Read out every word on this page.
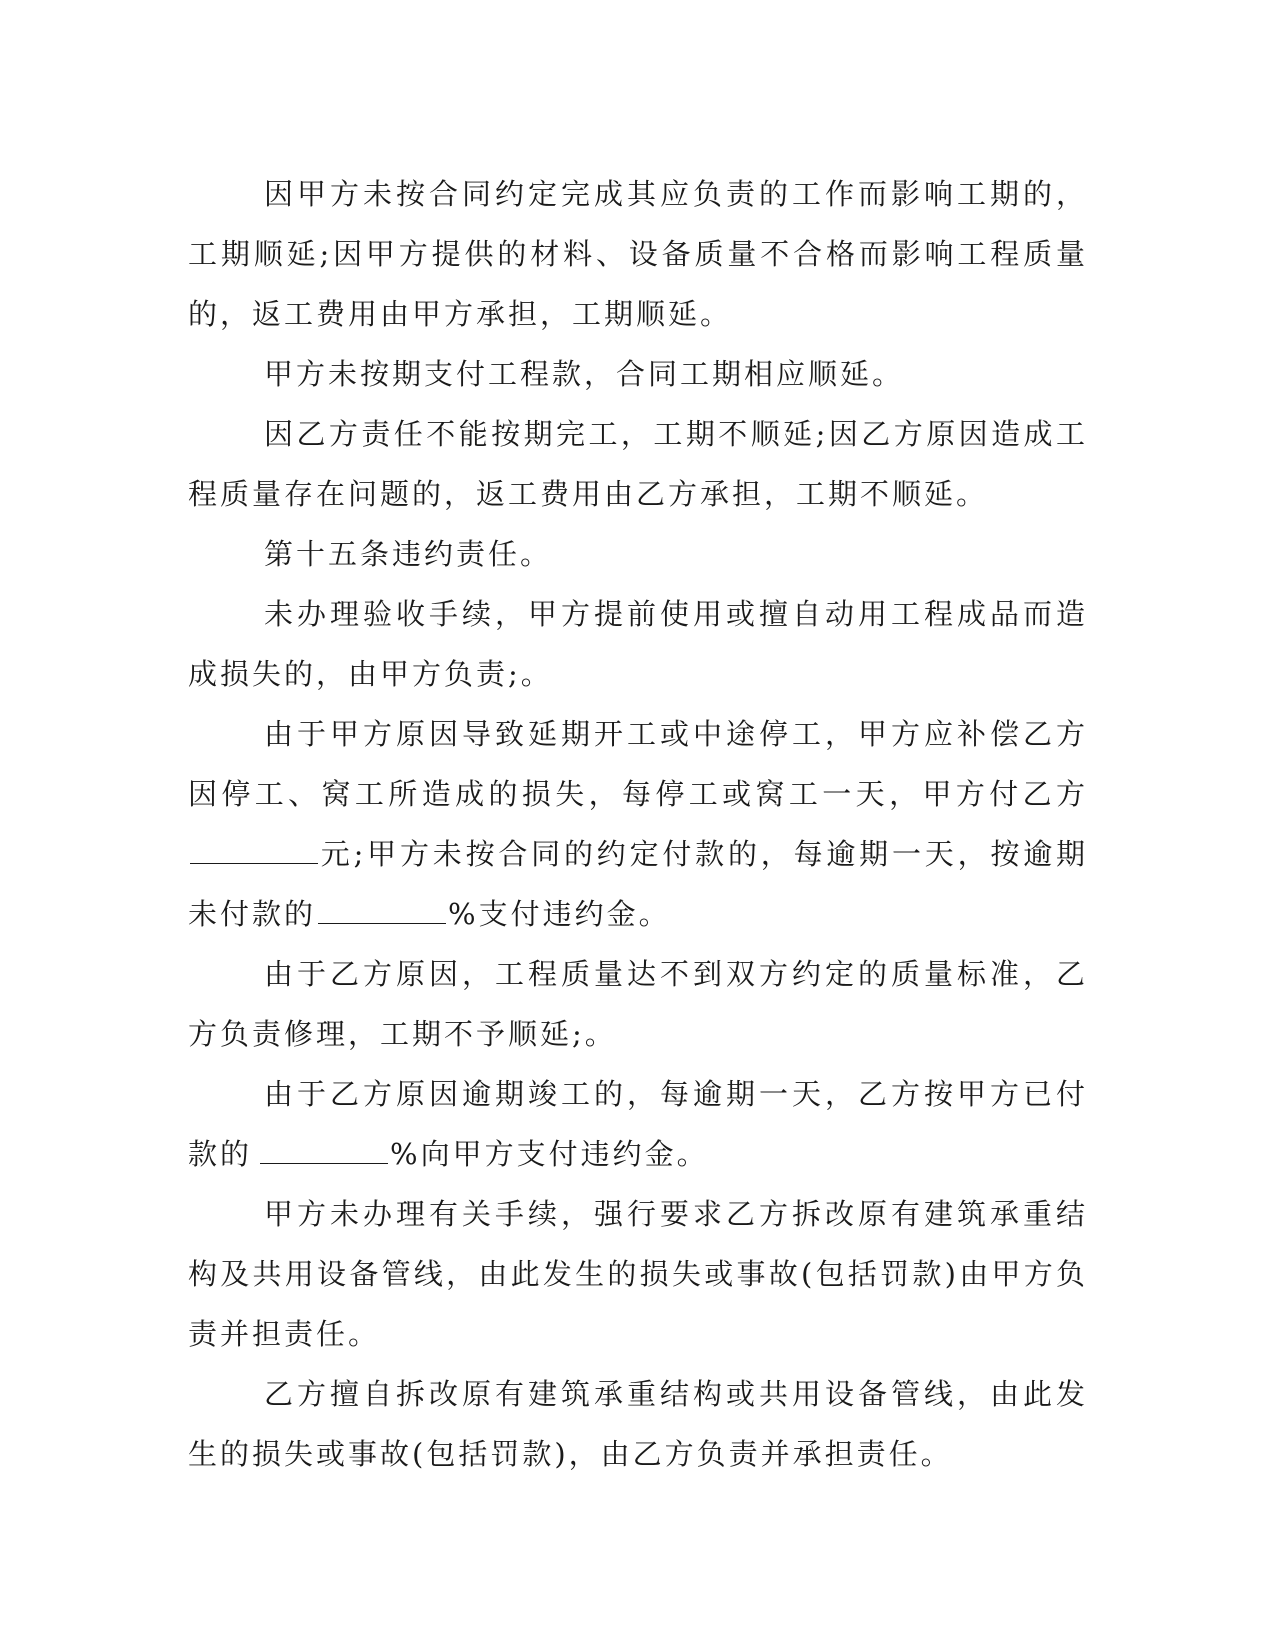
因甲方未按合同约定完成其应负责的工作而影响工期的，工期顺延;因甲方提供的材料、设备质量不合格而影响工程质量的，返工费用由甲方承担，工期顺延。

甲方未按期支付工程款，合同工期相应顺延。

因乙方责任不能按期完工，工期不顺延;因乙方原因造成工程质量存在问题的，返工费用由乙方承担，工期不顺延。

第十五条违约责任。

未办理验收手续，甲方提前使用或擅自动用工程成品而造成损失的，由甲方负责;。

由于甲方原因导致延期开工或中途停工，甲方应补偿乙方因停工、窝工所造成的损失，每停工或窝工一天，甲方付乙方元;甲方未按合同的约定付款的，每逾期一天，按逾期未付款的	%支付违约金。

由于乙方原因，工程质量达不到双方约定的质量标准，乙方负责修理，工期不予顺延;。

由于乙方原因逾期竣工的，每逾期一天，乙方按甲方已付款的	%向甲方支付违约金。

甲方未办理有关手续，强行要求乙方拆改原有建筑承重结构及共用设备管线，由此发生的损失或事故(包括罚款)由甲方负责并担责任。

乙方擅自拆改原有建筑承重结构或共用设备管线，由此发生的损失或事故(包括罚款)，由乙方负责并承担责任。
